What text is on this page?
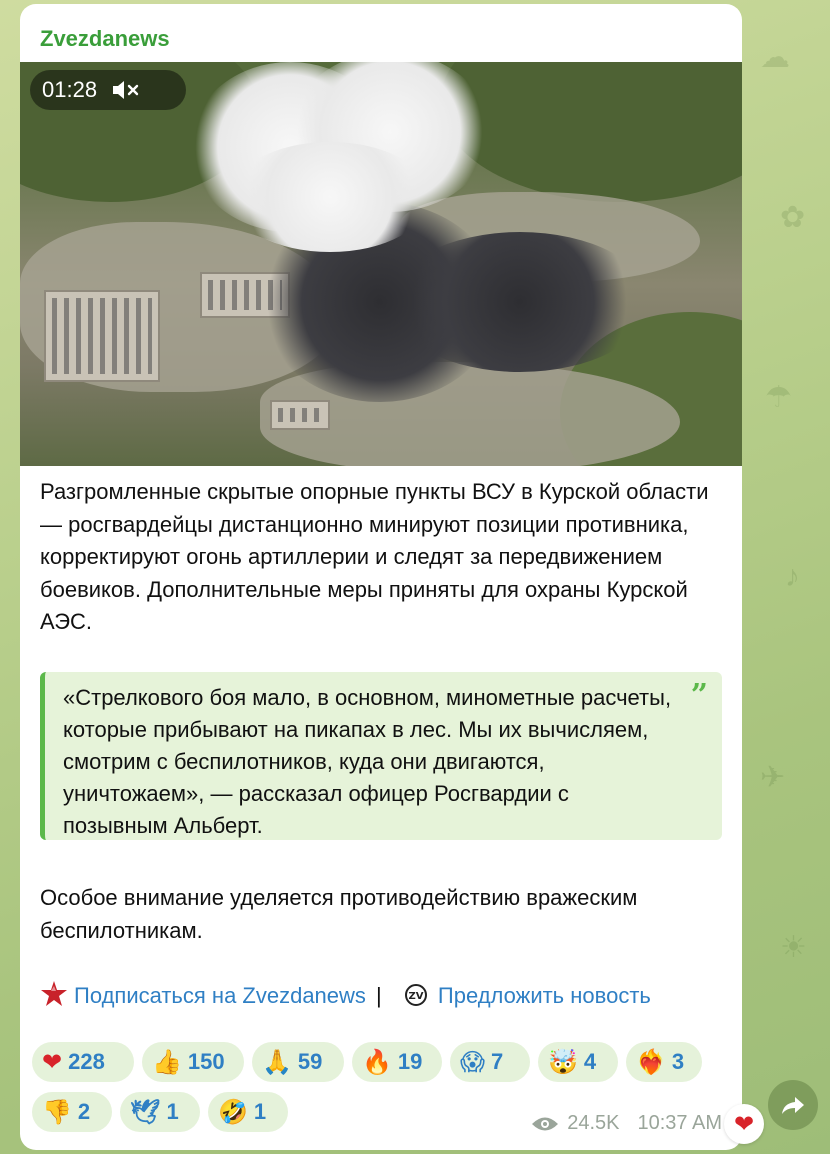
☁
✿
☂
♪
✈
☀
Zvezdanews
01:28
Разгромленные скрытые опорные пункты ВСУ в Курской области — росгвардейцы дистанционно минируют позиции противника, корректируют огонь артиллерии и следят за передвижением боевиков. Дополнительные меры приняты для охраны Курской АЭС.
«Стрелкового боя мало, в основном, минометные расчеты, которые прибывают на пикапах в лес. Мы их вычисляем, смотрим с беспилотников, куда они двигаются, уничтожаем», — рассказал офицер Росгвардии с позывным Альберт.
”
Особое внимание уделяется противодействию вражеским беспилотникам.
Подписаться на Zvezdanews |	ZV Предложить новость
❤ 228 👍 150 🙏 59 🔥 19 😱 7 🤯 4 ❤‍🔥 3
👎 2 🕊 1 🤣 1	24.5K 10:37 AM ❤
